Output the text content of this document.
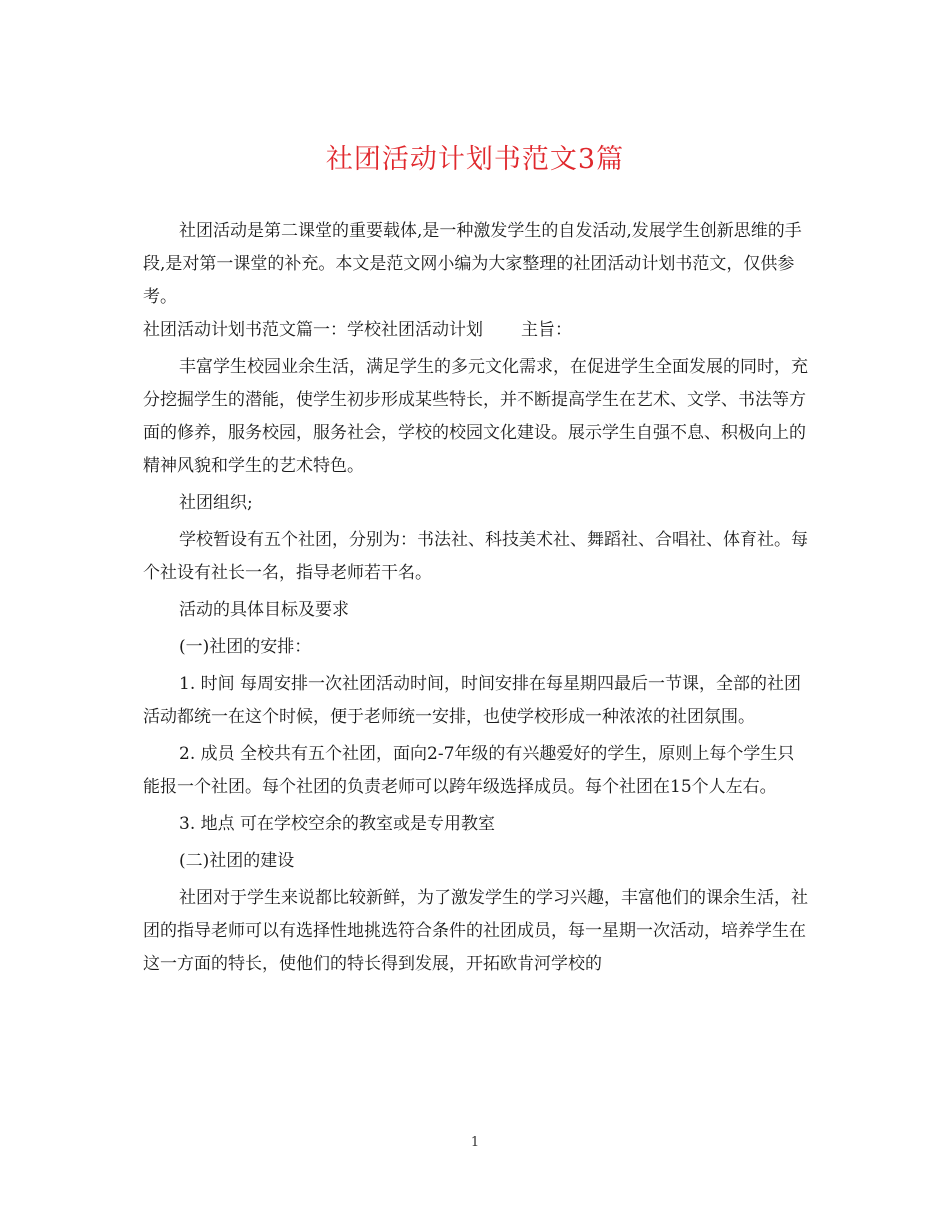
社团活动计划书范文3篇

社团活动是第二课堂的重要载体,是一种激发学生的自发活动,发展学生创新思维的手段,是对第一课堂的补充。本文是范文网小编为大家整理的社团活动计划书范文，仅供参考。

社团活动计划书范文篇一：学校社团活动计划 主旨：

丰富学生校园业余生活，满足学生的多元文化需求，在促进学生全面发展的同时，充分挖掘学生的潜能，使学生初步形成某些特长，并不断提高学生在艺术、文学、书法等方面的修养，服务校园，服务社会，学校的校园文化建设。展示学生自强不息、积极向上的精神风貌和学生的艺术特色。

社团组织;

学校暂设有五个社团，分别为：书法社、科技美术社、舞蹈社、合唱社、体育社。每个社设有社长一名，指导老师若干名。

活动的具体目标及要求

(一)社团的安排：

1. 时间 每周安排一次社团活动时间，时间安排在每星期四最后一节课，全部的社团活动都统一在这个时候，便于老师统一安排，也使学校形成一种浓浓的社团氛围。

2. 成员 全校共有五个社团，面向2-7年级的有兴趣爱好的学生，原则上每个学生只能报一个社团。每个社团的负责老师可以跨年级选择成员。每个社团在15个人左右。

3. 地点 可在学校空余的教室或是专用教室

(二)社团的建设

社团对于学生来说都比较新鲜，为了激发学生的学习兴趣，丰富他们的课余生活，社团的指导老师可以有选择性地挑选符合条件的社团成员，每一星期一次活动，培养学生在这一方面的特长，使他们的特长得到发展，开拓欧肯河学校的

1
